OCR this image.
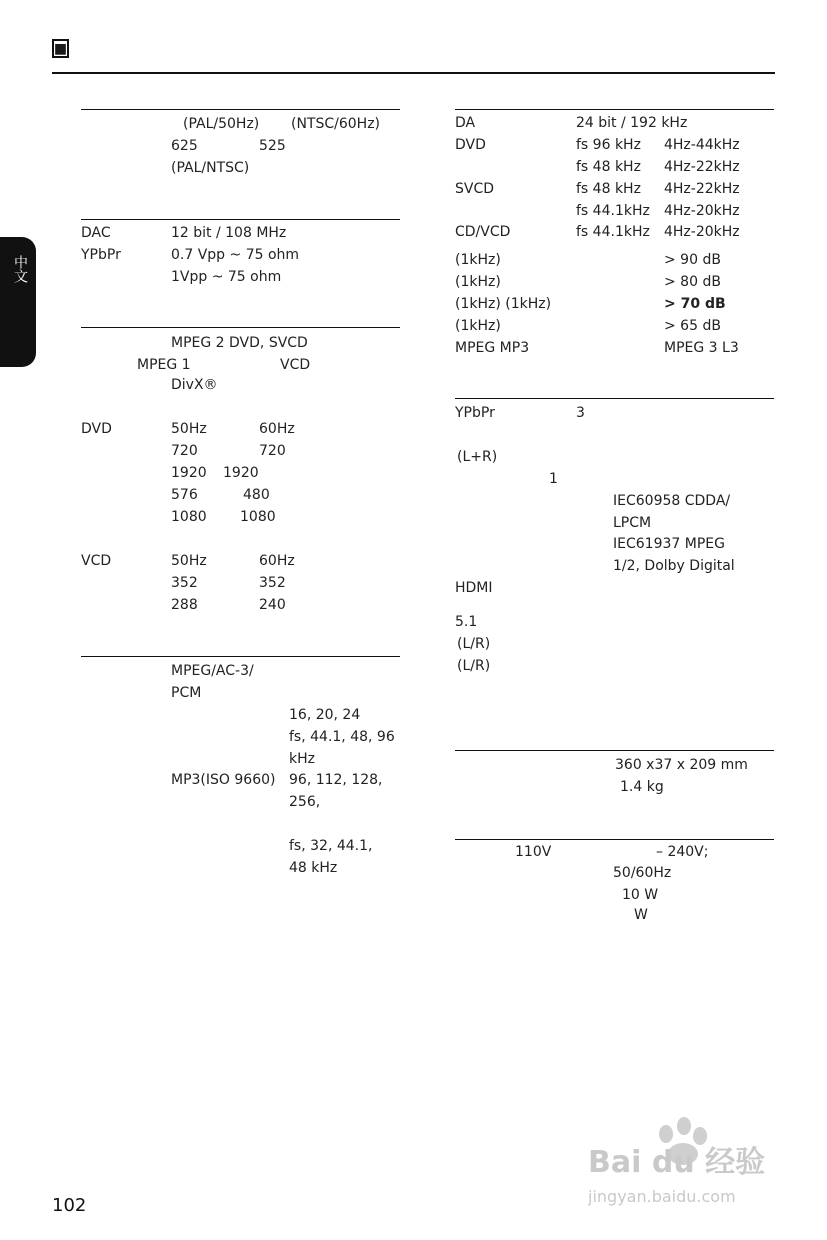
■
中文
(PAL/50Hz) (NTSC/60Hz)
625	525
(PAL/NTSC)
DAC	12 bit / 108 MHz
YPbPr	0.7 Vpp ~ 75 ohm
1Vpp ~ 75 ohm
MPEG 2 DVD, SVCD
MPEG 1	VCD
DivX®
DVD	50Hz	60Hz
720	720
1920 1920
576	480
1080 1080
VCD	50Hz	60Hz
352	352
288	240
MPEG/AC-3/
PCM
16, 20, 24
fs, 44.1, 48, 96
kHz
MP3(ISO 9660) 96, 112, 128,
256,
fs, 32, 44.1,
48 kHz
DA	24 bit / 192 kHz
DVD	fs 96 kHz 4Hz-44kHz
fs 48 kHz 4Hz-22kHz
SVCD	fs 48 kHz 4Hz-22kHz
fs 44.1kHz 4Hz-20kHz
CD/VCD	fs 44.1kHz 4Hz-20kHz
(1kHz)	> 90 dB
(1kHz)	> 80 dB
(1kHz) (1kHz)	> 70 dB
(1kHz)	> 65 dB
MPEG MP3	MPEG 3 L3
YPbPr	3
(L+R)
1
IEC60958 CDDA/
LPCM
IEC61937 MPEG
1/2, Dolby Digital
HDMI
5.1
(L/R)
(L/R)
360 x37 x 209 mm
1.4 kg
110V	– 240V;
50/60Hz
10 W
W
102
Bai du 经验
jingyan.baidu.com
